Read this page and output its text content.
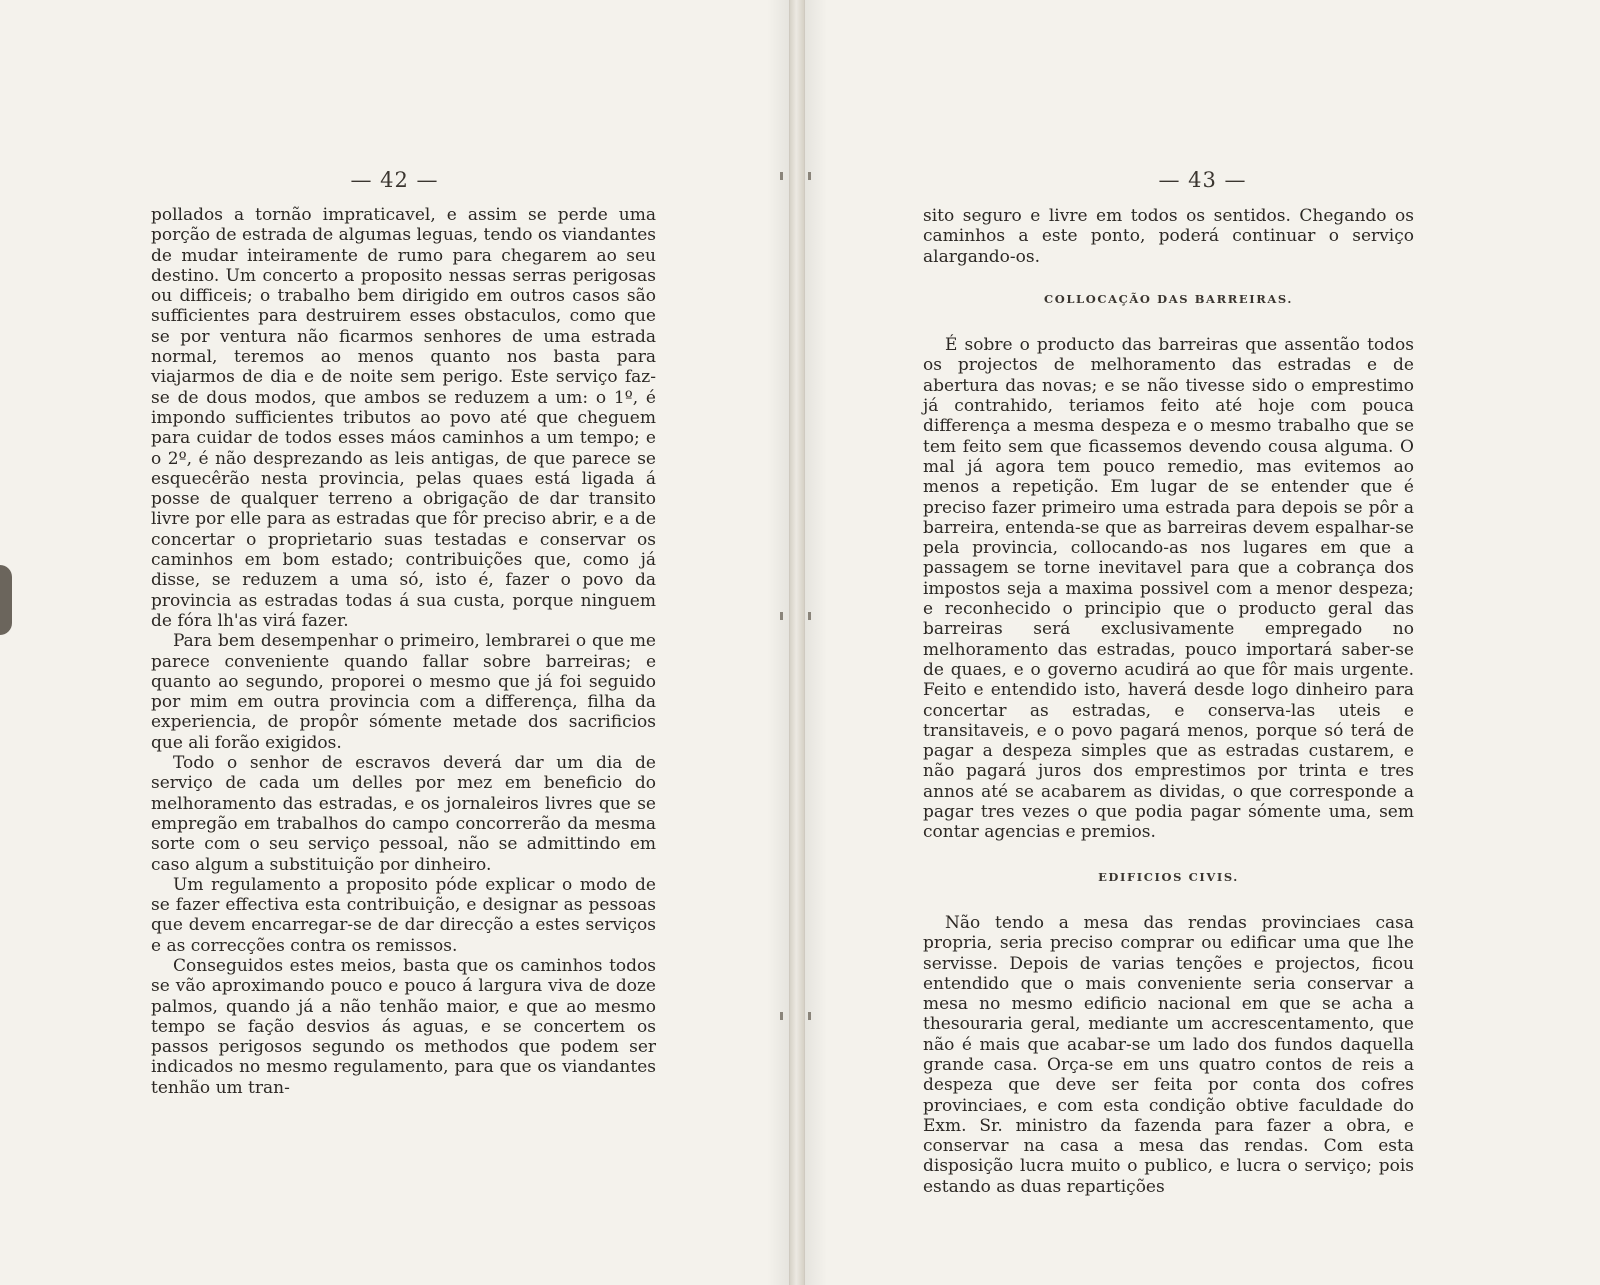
— 42 —

pollados a tornão impraticavel, e assim se perde uma porção de estrada de algumas leguas, tendo os viandantes de mudar inteiramente de rumo para chegarem ao seu destino. Um concerto a proposito nessas serras perigosas ou difficeis; o trabalho bem dirigido em outros casos são sufficientes para destruirem esses obstaculos, como que se por ventura não ficarmos senhores de uma estrada normal, teremos ao menos quanto nos basta para viajarmos de dia e de noite sem perigo. Este serviço faz-se de dous modos, que ambos se reduzem a um: o 1º, é impondo sufficientes tributos ao povo até que cheguem para cuidar de todos esses máos caminhos a um tempo; e o 2º, é não desprezando as leis antigas, de que parece se esquecêrão nesta provincia, pelas quaes está ligada á posse de qualquer terreno a obrigação de dar transito livre por elle para as estradas que fôr preciso abrir, e a de concertar o proprietario suas testadas e conservar os caminhos em bom estado; contribuições que, como já disse, se reduzem a uma só, isto é, fazer o povo da provincia as estradas todas á sua custa, porque ninguem de fóra lh'as virá fazer.

Para bem desempenhar o primeiro, lembrarei o que me parece conveniente quando fallar sobre barreiras; e quanto ao segundo, proporei o mesmo que já foi seguido por mim em outra provincia com a differença, filha da experiencia, de propôr sómente metade dos sacrificios que ali forão exigidos.

Todo o senhor de escravos deverá dar um dia de serviço de cada um delles por mez em beneficio do melhoramento das estradas, e os jornaleiros livres que se empregão em trabalhos do campo concorrerão da mesma sorte com o seu serviço pessoal, não se admittindo em caso algum a substituição por dinheiro.

Um regulamento a proposito póde explicar o modo de se fazer effectiva esta contribuição, e designar as pessoas que devem encarregar-se de dar direcção a estes serviços e as correcções contra os remissos.

Conseguidos estes meios, basta que os caminhos todos se vão aproximando pouco e pouco á largura viva de doze palmos, quando já a não tenhão maior, e que ao mesmo tempo se fação desvios ás aguas, e se concertem os passos perigosos segundo os methodos que podem ser indicados no mesmo regulamento, para que os viandantes tenhão um tran-

— 43 —

sito seguro e livre em todos os sentidos. Chegando os caminhos a este ponto, poderá continuar o serviço alargando-os.

COLLOCAÇÃO DAS BARREIRAS.

É sobre o producto das barreiras que assentão todos os projectos de melhoramento das estradas e de abertura das novas; e se não tivesse sido o emprestimo já contrahido, teriamos feito até hoje com pouca differença a mesma despeza e o mesmo trabalho que se tem feito sem que ficassemos devendo cousa alguma. O mal já agora tem pouco remedio, mas evitemos ao menos a repetição. Em lugar de se entender que é preciso fazer primeiro uma estrada para depois se pôr a barreira, entenda-se que as barreiras devem espalhar-se pela provincia, collocando-as nos lugares em que a passagem se torne inevitavel para que a cobrança dos impostos seja a maxima possivel com a menor despeza; e reconhecido o principio que o producto geral das barreiras será exclusivamente empregado no melhoramento das estradas, pouco importará saber-se de quaes, e o governo acudirá ao que fôr mais urgente. Feito e entendido isto, haverá desde logo dinheiro para concertar as estradas, e conserva-las uteis e transitaveis, e o povo pagará menos, porque só terá de pagar a despeza simples que as estradas custarem, e não pagará juros dos emprestimos por trinta e tres annos até se acabarem as dividas, o que corresponde a pagar tres vezes o que podia pagar sómente uma, sem contar agencias e premios.

EDIFICIOS CIVIS.

Não tendo a mesa das rendas provinciaes casa propria, seria preciso comprar ou edificar uma que lhe servisse. Depois de varias tenções e projectos, ficou entendido que o mais conveniente seria conservar a mesa no mesmo edificio nacional em que se acha a thesouraria geral, mediante um accrescentamento, que não é mais que acabar-se um lado dos fundos daquella grande casa. Orça-se em uns quatro contos de reis a despeza que deve ser feita por conta dos cofres provinciaes, e com esta condição obtive faculdade do Exm. Sr. ministro da fazenda para fazer a obra, e conservar na casa a mesa das rendas. Com esta disposição lucra muito o publico, e lucra o serviço; pois estando as duas repartições
